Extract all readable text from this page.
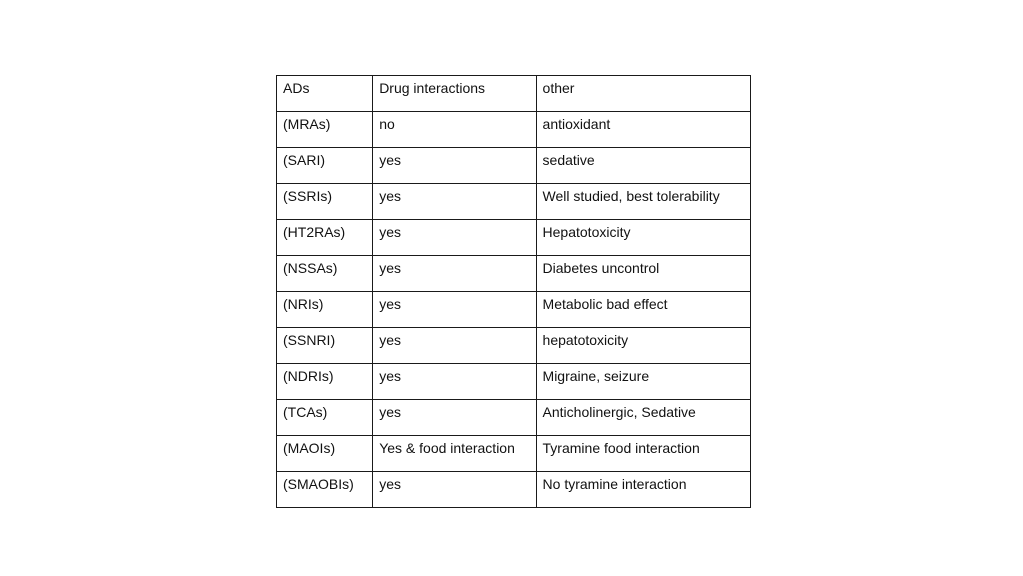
ADs	Drug interactions	other
(MRAs)	no	antioxidant
(SARI)	yes	sedative
(SSRIs)	yes	Well studied, best tolerability
(HT2RAs)	yes	Hepatotoxicity
(NSSAs)	yes	Diabetes uncontrol
(NRIs)	yes	Metabolic bad effect
(SSNRI)	yes	hepatotoxicity
(NDRIs)	yes	Migraine, seizure
(TCAs)	yes	Anticholinergic, Sedative
(MAOIs)	Yes & food interaction	Tyramine food interaction
(SMAOBIs)	yes	No tyramine interaction
